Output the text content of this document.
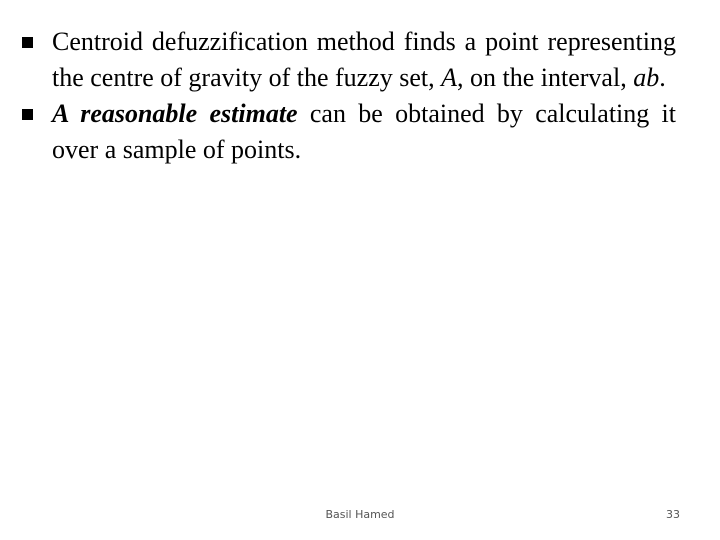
Centroid defuzzification method finds a point representing the centre of gravity of the fuzzy set, A, on the interval, ab.
A reasonable estimate can be obtained by calculating it over a sample of points.
Basil Hamed	33
